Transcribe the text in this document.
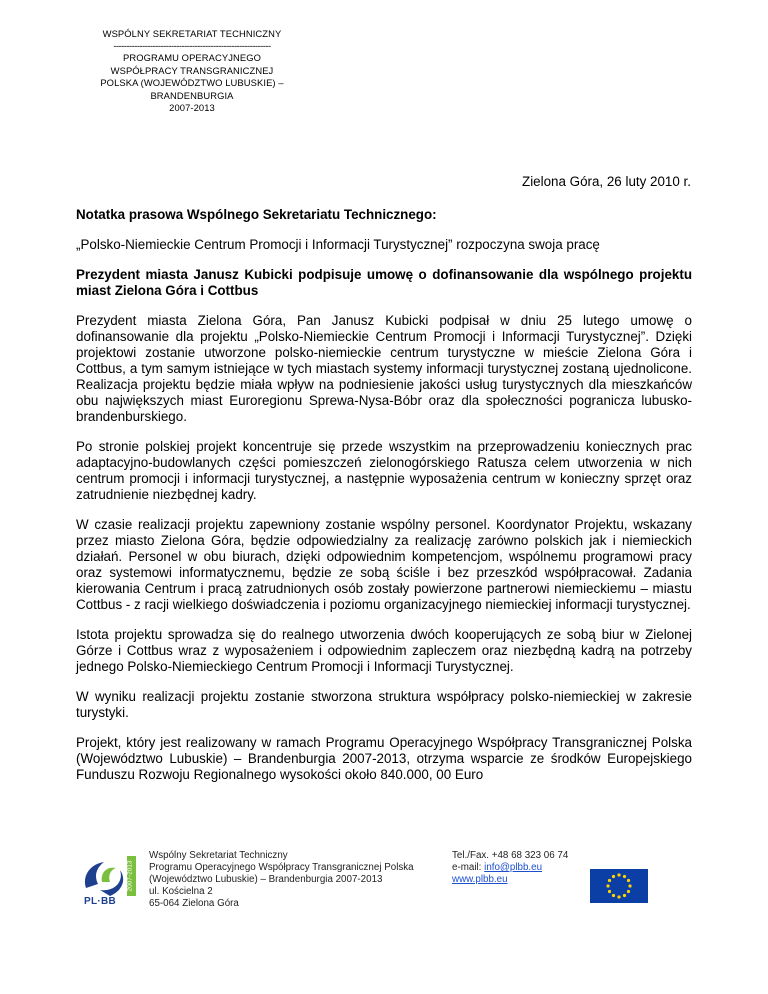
WSPÓLNY SEKRETARIAT TECHNICZNY
------------------------------------------------------------
PROGRAMU OPERACYJNEGO
WSPÓŁPRACY TRANSGRANICZNEJ
POLSKA (WOJEWÓDZTWO LUBUSKIE) – BRANDENBURGIA
2007-2013
Zielona Góra, 26 luty 2010 r.

Notatka prasowa Wspólnego Sekretariatu Technicznego:

„Polsko-Niemieckie Centrum Promocji i Informacji Turystycznej” rozpoczyna swoja pracę

Prezydent miasta Janusz Kubicki podpisuje umowę o dofinansowanie dla wspólnego projektu miast Zielona Góra i Cottbus

Prezydent miasta Zielona Góra, Pan Janusz Kubicki podpisał w dniu 25 lutego umowę o dofinansowanie dla projektu „Polsko-Niemieckie Centrum Promocji i Informacji Turystycznej”. Dzięki projektowi zostanie utworzone polsko-niemieckie centrum turystyczne w mieście Zielona Góra i Cottbus, a tym samym istniejące w tych miastach systemy informacji turystycznej zostaną ujednolicone. Realizacja projektu będzie miała wpływ na podniesienie jakości usług turystycznych dla mieszkańców obu największych miast Euroregionu Sprewa-Nysa-Bóbr oraz dla społeczności pogranicza lubusko-brandenburskiego.

Po stronie polskiej projekt koncentruje się przede wszystkim na przeprowadzeniu koniecznych prac adaptacyjno-budowlanych części pomieszczeń zielonogórskiego Ratusza celem utworzenia w nich centrum promocji i informacji turystycznej, a następnie wyposażenia centrum w konieczny sprzęt oraz zatrudnienie niezbędnej kadry.

W czasie realizacji projektu zapewniony zostanie wspólny personel. Koordynator Projektu, wskazany przez miasto Zielona Góra, będzie odpowiedzialny za realizację zarówno polskich jak i niemieckich działań. Personel w obu biurach, dzięki odpowiednim kompetencjom, wspólnemu programowi pracy oraz systemowi informatycznemu, będzie ze sobą ściśle i bez przeszkód współpracował. Zadania kierowania Centrum i pracą zatrudnionych osób zostały powierzone partnerowi niemieckiemu – miastu Cottbus - z racji wielkiego doświadczenia i poziomu organizacyjnego niemieckiej informacji turystycznej.

Istota projektu sprowadza się do realnego utworzenia dwóch kooperujących ze sobą biur w Zielonej Górze i Cottbus wraz z wyposażeniem i odpowiednim zapleczem oraz niezbędną kadrą na potrzeby jednego Polsko-Niemieckiego Centrum Promocji i Informacji Turystycznej.

W wyniku realizacji projektu zostanie stworzona struktura współpracy polsko-niemieckiej w zakresie turystyki.

Projekt, który jest realizowany w ramach Programu Operacyjnego Współpracy Transgranicznej Polska (Województwo Lubuskie) – Brandenburgia 2007-2013, otrzyma wsparcie ze środków Europejskiego Funduszu Rozwoju Regionalnego wysokości około 840.000, 00 Euro

2007-2013
PL·BB
Wspólny Sekretariat Techniczny
Programu Operacyjnego Współpracy Transgranicznej Polska
(Województwo Lubuskie) – Brandenburgia 2007-2013
ul. Kościelna 2
65-064 Zielona Góra
Tel./Fax. +48 68 323 06 74
e-mail: info@plbb.eu
www.plbb.eu
